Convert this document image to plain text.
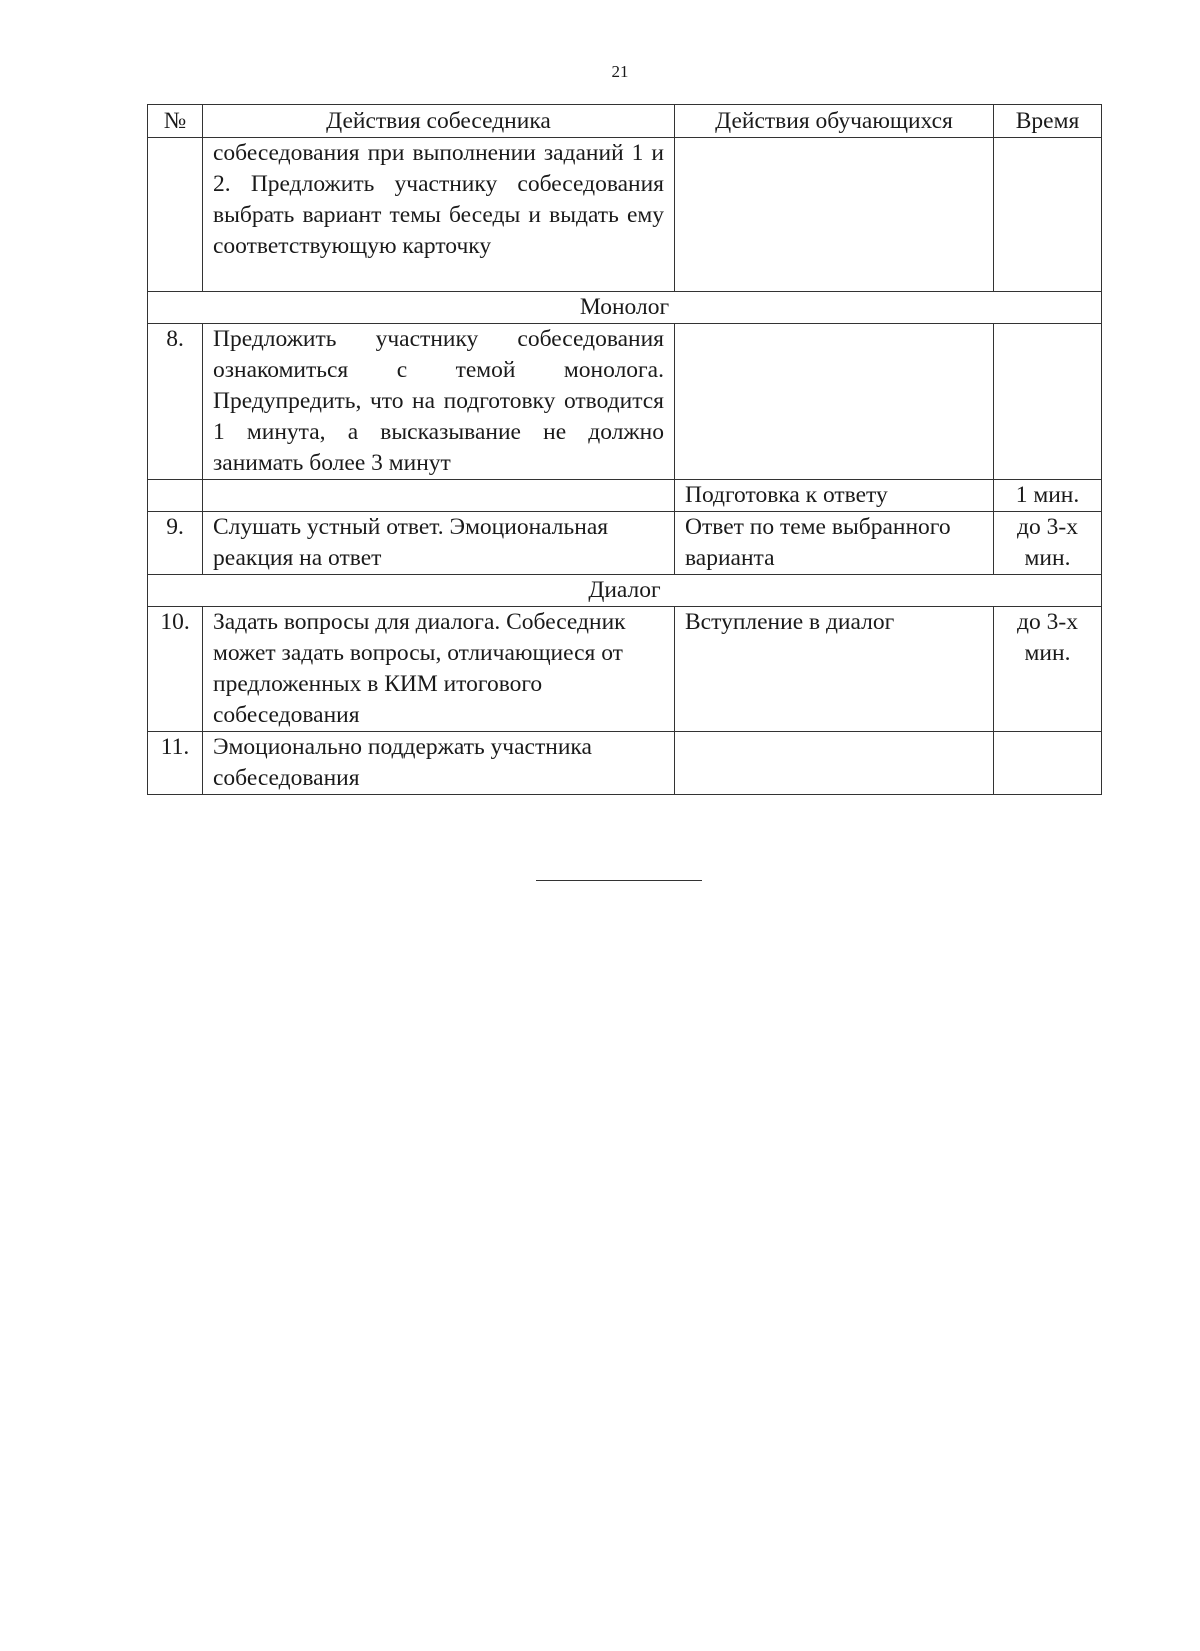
21
№	Действия собеседника	Действия обучающихся	Время
	собеседования при выполнении заданий 1 и 2. Предложить участнику собеседования выбрать вариант темы беседы и выдать ему соответствующую карточку		
Монолог			
8.	Предложить участнику собеседования ознакомиться с темой монолога. Предупредить, что на подготовку отводится 1 минута, а высказывание не должно занимать более 3 минут		
		Подготовка к ответу	1 мин.
9.	Слушать устный ответ. Эмоциональная реакция на ответ	Ответ по теме выбранного варианта	до 3-х мин.
Диалог			
10.	Задать вопросы для диалога. Собеседник может задать вопросы, отличающиеся от предложенных в КИМ итогового собеседования	Вступление в диалог	до 3-х мин.
11.	Эмоционально поддержать участника собеседования		
